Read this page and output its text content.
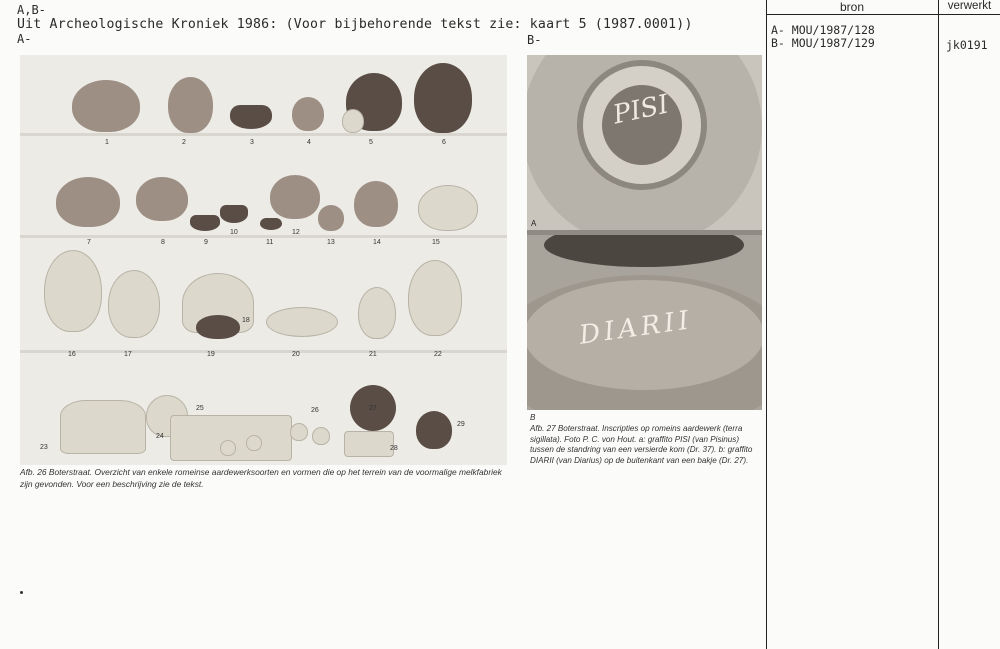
A,B-
Uit Archeologische Kroniek 1986: (Voor bijbehorende tekst zie: kaart 5 (1987.0001))
A-	B-
1	2	3	4	5	6
7	8	9
10
11
12
13	14	15
16	17
18
19	20	21	22
23
24
25	26	27
28
29
Afb. 26 Boterstraat. Overzicht van enkele romeinse aardewerksoorten en vormen die op het terrein van de voormalige melkfabriek zijn gevonden. Voor een beschrijving zie de tekst.
PISI
A
DIARII
B
Afb. 27 Boterstraat. Inscripties op romeins aardewerk (terra sigillata). Foto P. C. von Hout. a: graffito PISI (van Pisinus) tussen de standring van een versierde kom (Dr. 37). b: graffito DIARII (van Diarius) op de buitenkant van een bakje (Dr. 27).
bron	verwerkt
A- MOU/1987/128
B- MOU/1987/129	jk0191
